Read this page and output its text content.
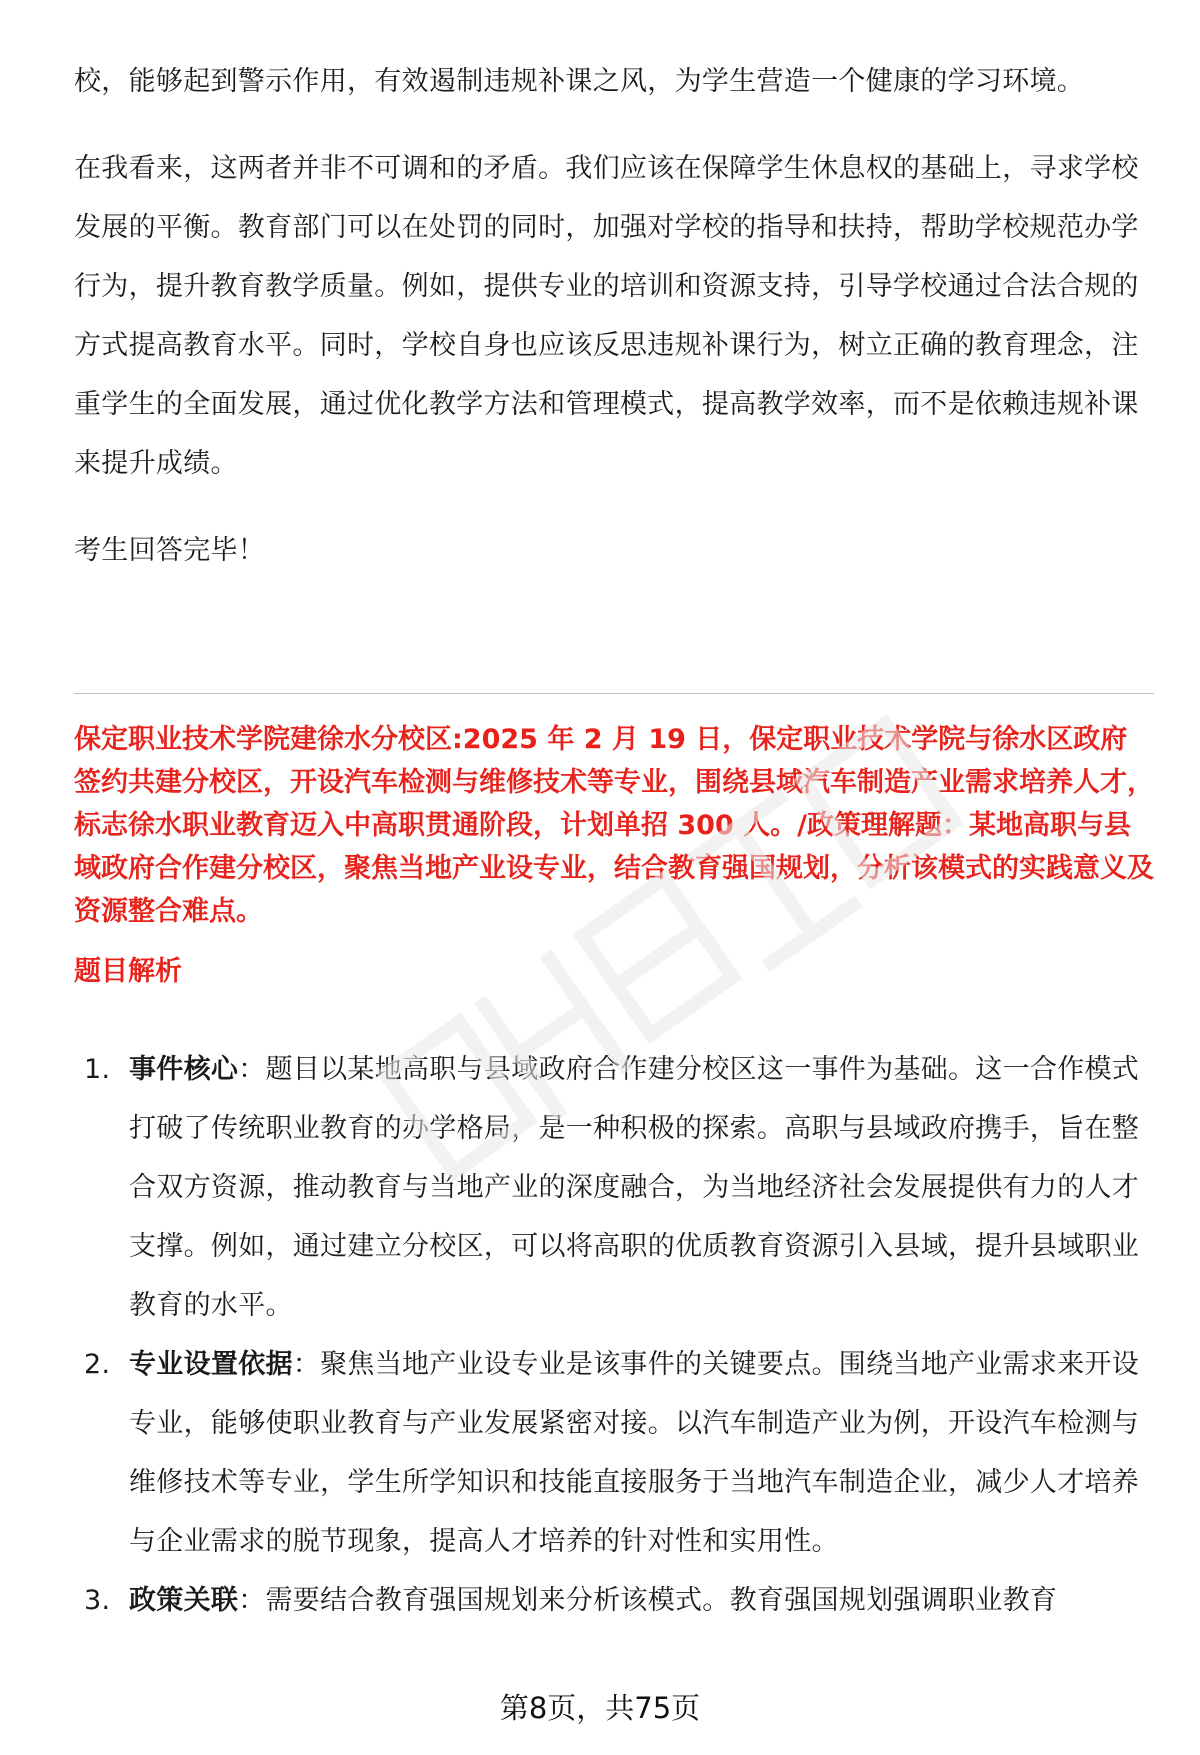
校，能够起到警示作用，有效遏制违规补课之风，为学生营造一个健康的学习环境。

在我看来，这两者并非不可调和的矛盾。我们应该在保障学生休息权的基础上，寻求学校发展的平衡。教育部门可以在处罚的同时，加强对学校的指导和扶持，帮助学校规范办学行为，提升教育教学质量。例如，提供专业的培训和资源支持，引导学校通过合法合规的方式提高教育水平。同时，学校自身也应该反思违规补课行为，树立正确的教育理念，注重学生的全面发展，通过优化教学方法和管理模式，提高教学效率，而不是依赖违规补课来提升成绩。

考生回答完毕！

保定职业技术学院建徐水分校区:2025 年 2 月 19 日，保定职业技术学院与徐水区政府签约共建分校区，开设汽车检测与维修技术等专业，围绕县域汽车制造产业需求培养人才，标志徐水职业教育迈入中高职贯通阶段，计划单招 300 人。/政策理解题：某地高职与县域政府合作建分校区，聚焦当地产业设专业，结合教育强国规划，分析该模式的实践意义及资源整合难点。

题目解析

1. 事件核心：题目以某地高职与县域政府合作建分校区这一事件为基础。这一合作模式打破了传统职业教育的办学格局，是一种积极的探索。高职与县域政府携手，旨在整合双方资源，推动教育与当地产业的深度融合，为当地经济社会发展提供有力的人才支撑。例如，通过建立分校区，可以将高职的优质教育资源引入县域，提升县域职业教育的水平。
2. 专业设置依据：聚焦当地产业设专业是该事件的关键要点。围绕当地产业需求来开设专业，能够使职业教育与产业发展紧密对接。以汽车制造产业为例，开设汽车检测与维修技术等专业，学生所学知识和技能直接服务于当地汽车制造企业，减少人才培养与企业需求的脱节现象，提高人才培养的针对性和实用性。
3. 政策关联：需要结合教育强国规划来分析该模式。教育强国规划强调职业教育
第8页，共75页
